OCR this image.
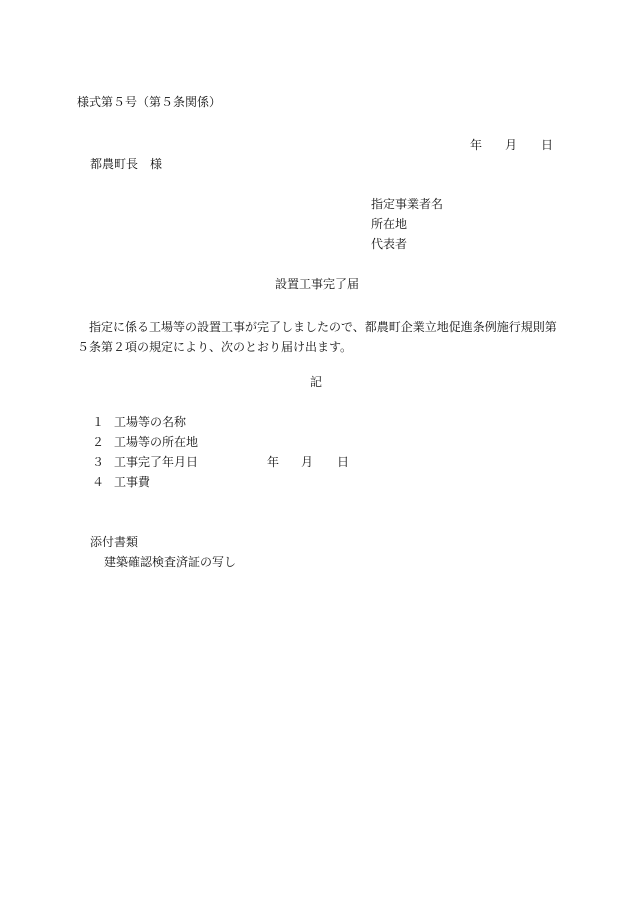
様式第５号（第５条関係）
年 月 日
都農町長　様
指定事業者名
所在地
代表者
設置工事完了届
指定に係る工場等の設置工事が完了しましたので、都農町企業立地促進条例施行規則第５条第２項の規定により、次のとおり届け出ます。
記
１ 工場等の名称
２ 工場等の所在地
３ 工事完了年月日
４ 工事費
年 月 日
添付書類
建築確認検査済証の写し
